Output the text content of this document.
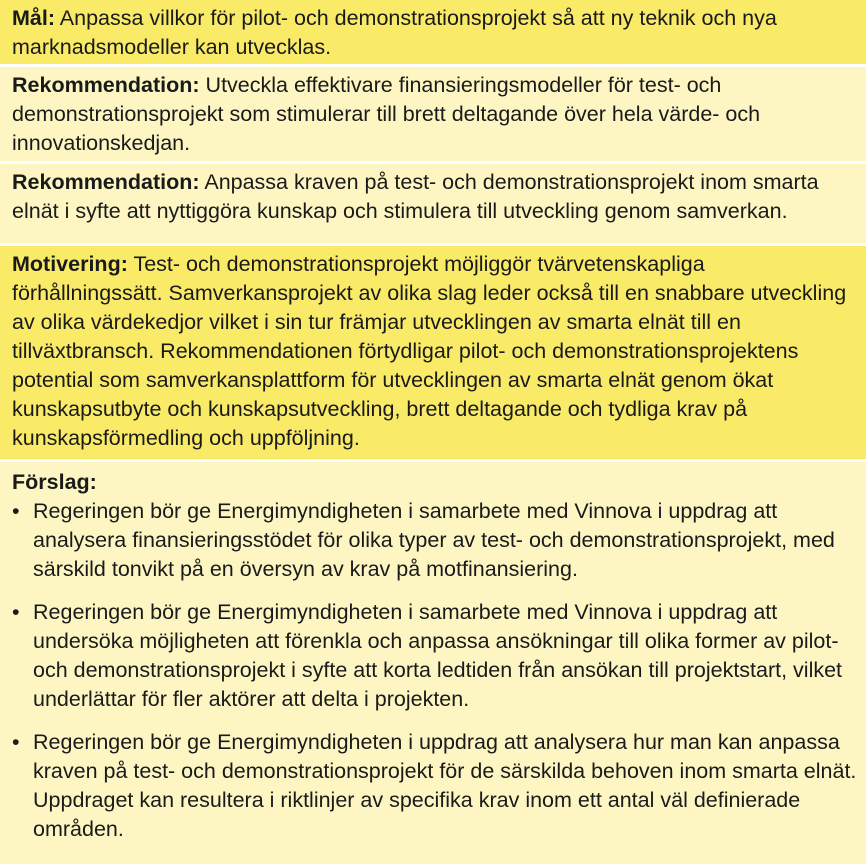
Mål: Anpassa villkor för pilot- och demonstrationsprojekt så att ny teknik och nya marknadsmodeller kan utvecklas.
Rekommendation: Utveckla effektivare finansieringsmodeller för test- och demonstrationsprojekt som stimulerar till brett deltagande över hela värde- och innovationskedjan.
Rekommendation: Anpassa kraven på test- och demonstrationsprojekt inom smarta elnät i syfte att nyttiggöra kunskap och stimulera till utveckling genom samverkan.
Motivering: Test- och demonstrationsprojekt möjliggör tvärvetenskapliga förhållningssätt. Samverkansprojekt av olika slag leder också till en snabbare utveckling av olika värdekedjor vilket i sin tur främjar utvecklingen av smarta elnät till en tillväxtbransch. Rekommendationen förtydligar pilot- och demonstrationsprojektens potential som samverkansplattform för utvecklingen av smarta elnät genom ökat kunskapsutbyte och kunskapsutveckling, brett deltagande och tydliga krav på kunskapsförmedling och uppföljning.
Förslag:
• Regeringen bör ge Energimyndigheten i samarbete med Vinnova i uppdrag att analysera finansieringsstödet för olika typer av test- och demonstrationsprojekt, med särskild tonvikt på en översyn av krav på motfinansiering.
• Regeringen bör ge Energimyndigheten i samarbete med Vinnova i uppdrag att undersöka möjligheten att förenkla och anpassa ansökningar till olika former av pilot- och demonstrationsprojekt i syfte att korta ledtiden från ansökan till projektstart, vilket underlättar för fler aktörer att delta i projekten.
• Regeringen bör ge Energimyndigheten i uppdrag att analysera hur man kan anpassa kraven på test- och demonstrationsprojekt för de särskilda behoven inom smarta elnät. Uppdraget kan resultera i riktlinjer av specifika krav inom ett antal väl definierade områden.
